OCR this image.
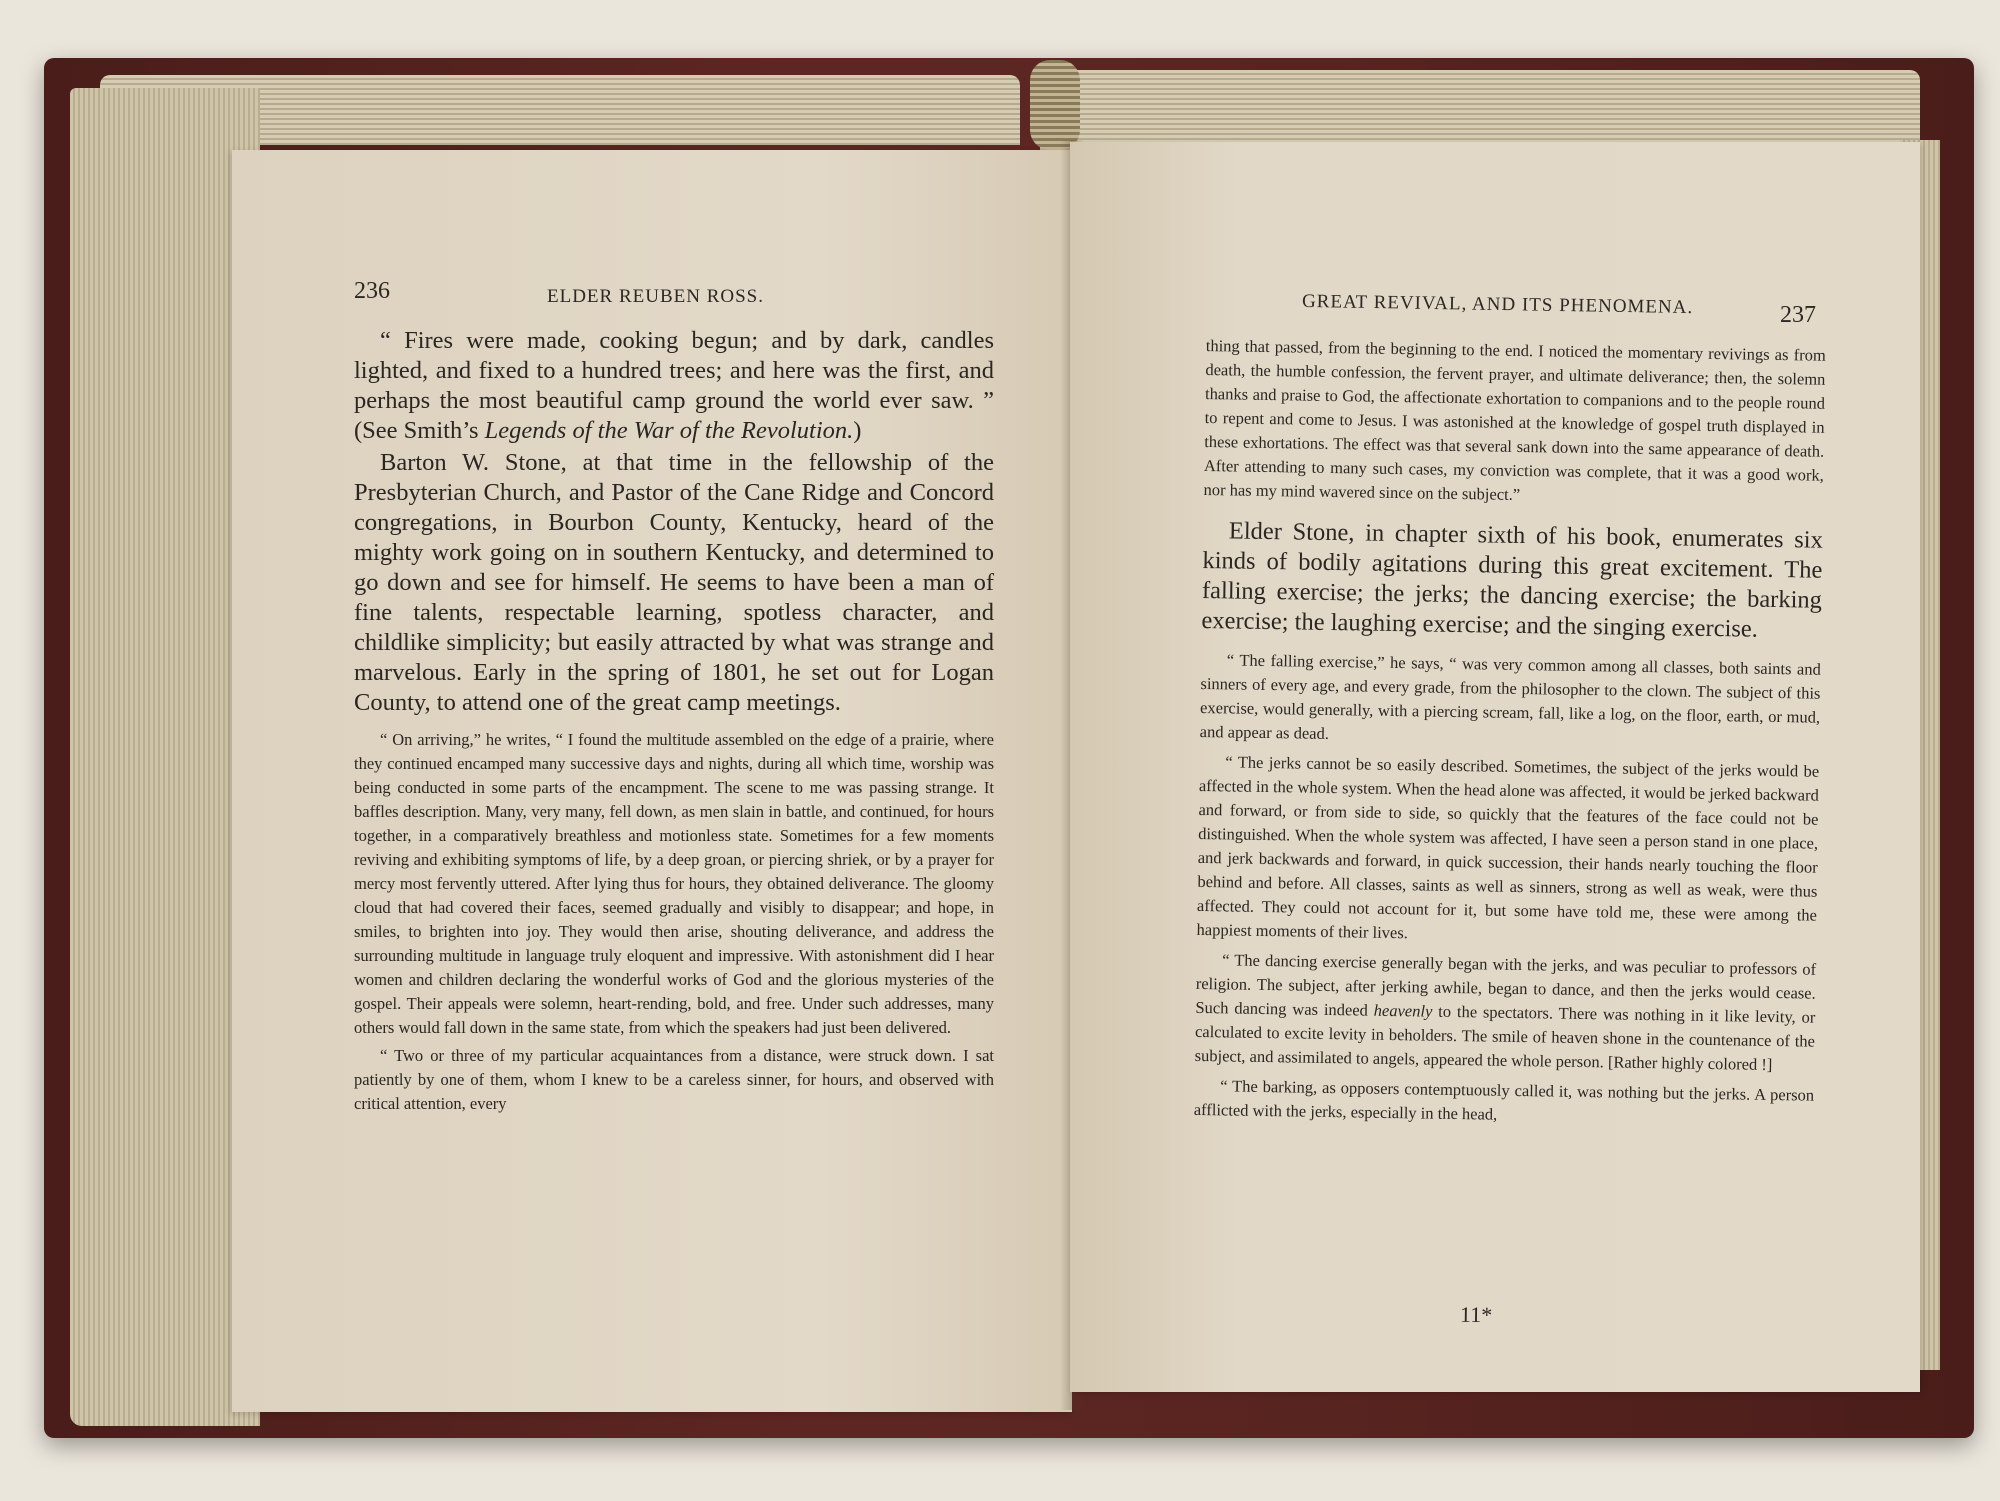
236	ELDER REUBEN ROSS.

“ Fires were made, cooking begun; and by dark, candles lighted, and fixed to a hundred trees; and here was the first, and perhaps the most beautiful camp ground the world ever saw. ” (See Smith’s Legends of the War of the Revolution.)

Barton W. Stone, at that time in the fellowship of the Presbyterian Church, and Pastor of the Cane Ridge and Concord congregations, in Bourbon County, Kentucky, heard of the mighty work going on in southern Kentucky, and determined to go down and see for himself. He seems to have been a man of fine talents, respectable learning, spotless character, and childlike simplicity; but easily attracted by what was strange and marvelous. Early in the spring of 1801, he set out for Logan County, to attend one of the great camp meetings.

“ On arriving,” he writes, “ I found the multitude assembled on the edge of a prairie, where they continued encamped many successive days and nights, during all which time, worship was being conducted in some parts of the encampment. The scene to me was passing strange. It baffles description. Many, very many, fell down, as men slain in battle, and continued, for hours together, in a comparatively breathless and motionless state. Sometimes for a few moments reviving and exhibiting symptoms of life, by a deep groan, or piercing shriek, or by a prayer for mercy most fervently uttered. After lying thus for hours, they obtained deliverance. The gloomy cloud that had covered their faces, seemed gradually and visibly to disappear; and hope, in smiles, to brighten into joy. They would then arise, shouting deliverance, and address the surrounding multitude in language truly eloquent and impressive. With astonishment did I hear women and children declaring the wonderful works of God and the glorious mysteries of the gospel. Their appeals were solemn, heart-rending, bold, and free. Under such addresses, many others would fall down in the same state, from which the speakers had just been delivered.

“ Two or three of my particular acquaintances from a distance, were struck down. I sat patiently by one of them, whom I knew to be a careless sinner, for hours, and observed with critical attention, every

GREAT REVIVAL, AND ITS PHENOMENA.	237

thing that passed, from the beginning to the end. I noticed the momentary revivings as from death, the humble confession, the fervent prayer, and ultimate deliverance; then, the solemn thanks and praise to God, the affectionate exhortation to companions and to the people round to repent and come to Jesus. I was astonished at the knowledge of gospel truth displayed in these exhortations. The effect was that several sank down into the same appearance of death. After attending to many such cases, my conviction was complete, that it was a good work, nor has my mind wavered since on the subject.”

Elder Stone, in chapter sixth of his book, enumerates six kinds of bodily agitations during this great excitement. The falling exercise; the jerks; the dancing exercise; the barking exercise; the laughing exercise; and the singing exercise.

“ The falling exercise,” he says, “ was very common among all classes, both saints and sinners of every age, and every grade, from the philosopher to the clown. The subject of this exercise, would generally, with a piercing scream, fall, like a log, on the floor, earth, or mud, and appear as dead.

“ The jerks cannot be so easily described. Sometimes, the subject of the jerks would be affected in the whole system. When the head alone was affected, it would be jerked backward and forward, or from side to side, so quickly that the features of the face could not be distinguished. When the whole system was affected, I have seen a person stand in one place, and jerk backwards and forward, in quick succession, their hands nearly touching the floor behind and before. All classes, saints as well as sinners, strong as well as weak, were thus affected. They could not account for it, but some have told me, these were among the happiest moments of their lives.

“ The dancing exercise generally began with the jerks, and was peculiar to professors of religion. The subject, after jerking awhile, began to dance, and then the jerks would cease. Such dancing was indeed heavenly to the spectators. There was nothing in it like levity, or calculated to excite levity in beholders. The smile of heaven shone in the countenance of the subject, and assimilated to angels, appeared the whole person. [Rather highly colored !]

“ The barking, as opposers contemptuously called it, was nothing but the jerks. A person afflicted with the jerks, especially in the head,

11*
